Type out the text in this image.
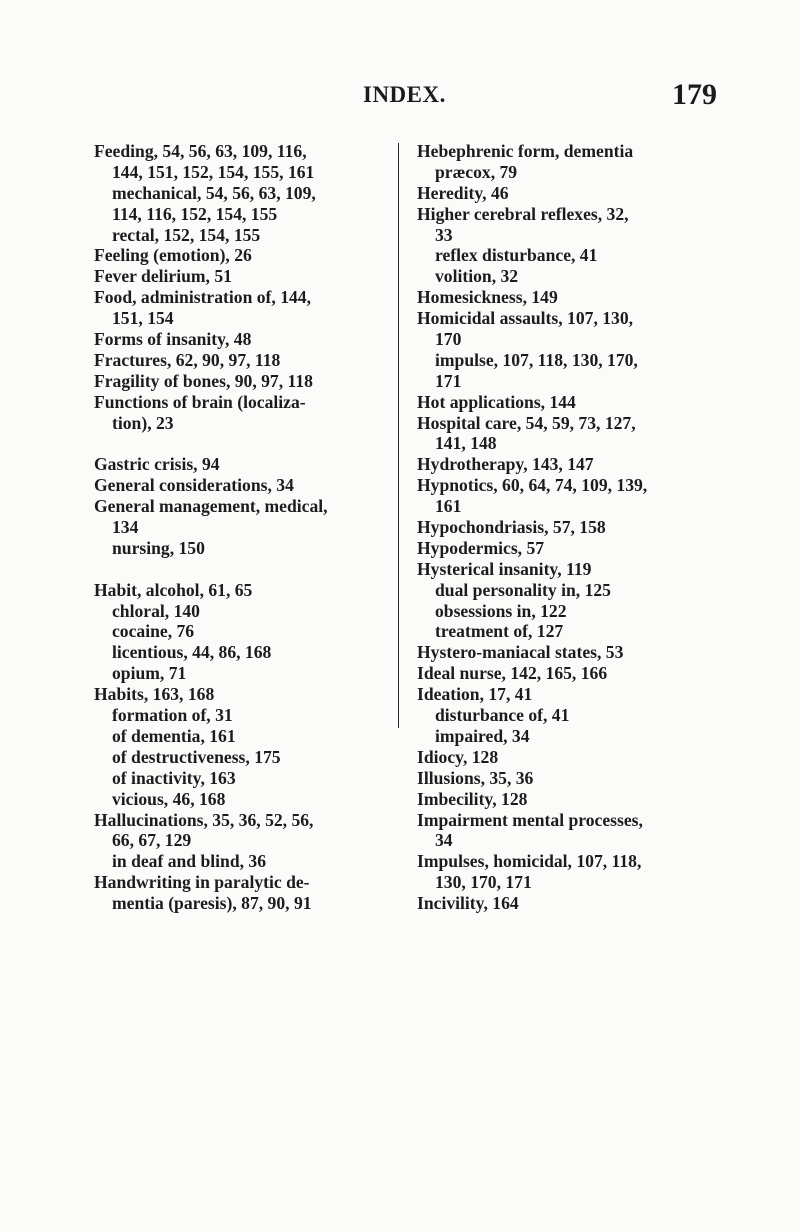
INDEX.	179
Feeding, 54, 56, 63, 109, 116,
144, 151, 152, 154, 155, 161
mechanical, 54, 56, 63, 109,
114, 116, 152, 154, 155
rectal, 152, 154, 155
Feeling (emotion), 26
Fever delirium, 51
Food, administration of, 144,
151, 154
Forms of insanity, 48
Fractures, 62, 90, 97, 118
Fragility of bones, 90, 97, 118
Functions of brain (localiza-
tion), 23
Gastric crisis, 94
General considerations, 34
General management, medical,
134
nursing, 150
Habit, alcohol, 61, 65
chloral, 140
cocaine, 76
licentious, 44, 86, 168
opium, 71
Habits, 163, 168
formation of, 31
of dementia, 161
of destructiveness, 175
of inactivity, 163
vicious, 46, 168
Hallucinations, 35, 36, 52, 56,
66, 67, 129
in deaf and blind, 36
Handwriting in paralytic de-
mentia (paresis), 87, 90, 91
Hebephrenic form, dementia
præcox, 79
Heredity, 46
Higher cerebral reflexes, 32,
33
reflex disturbance, 41
volition, 32
Homesickness, 149
Homicidal assaults, 107, 130,
170
impulse, 107, 118, 130, 170,
171
Hot applications, 144
Hospital care, 54, 59, 73, 127,
141, 148
Hydrotherapy, 143, 147
Hypnotics, 60, 64, 74, 109, 139,
161
Hypochondriasis, 57, 158
Hypodermics, 57
Hysterical insanity, 119
dual personality in, 125
obsessions in, 122
treatment of, 127
Hystero-maniacal states, 53
Ideal nurse, 142, 165, 166
Ideation, 17, 41
disturbance of, 41
impaired, 34
Idiocy, 128
Illusions, 35, 36
Imbecility, 128
Impairment mental processes,
34
Impulses, homicidal, 107, 118,
130, 170, 171
Incivility, 164
